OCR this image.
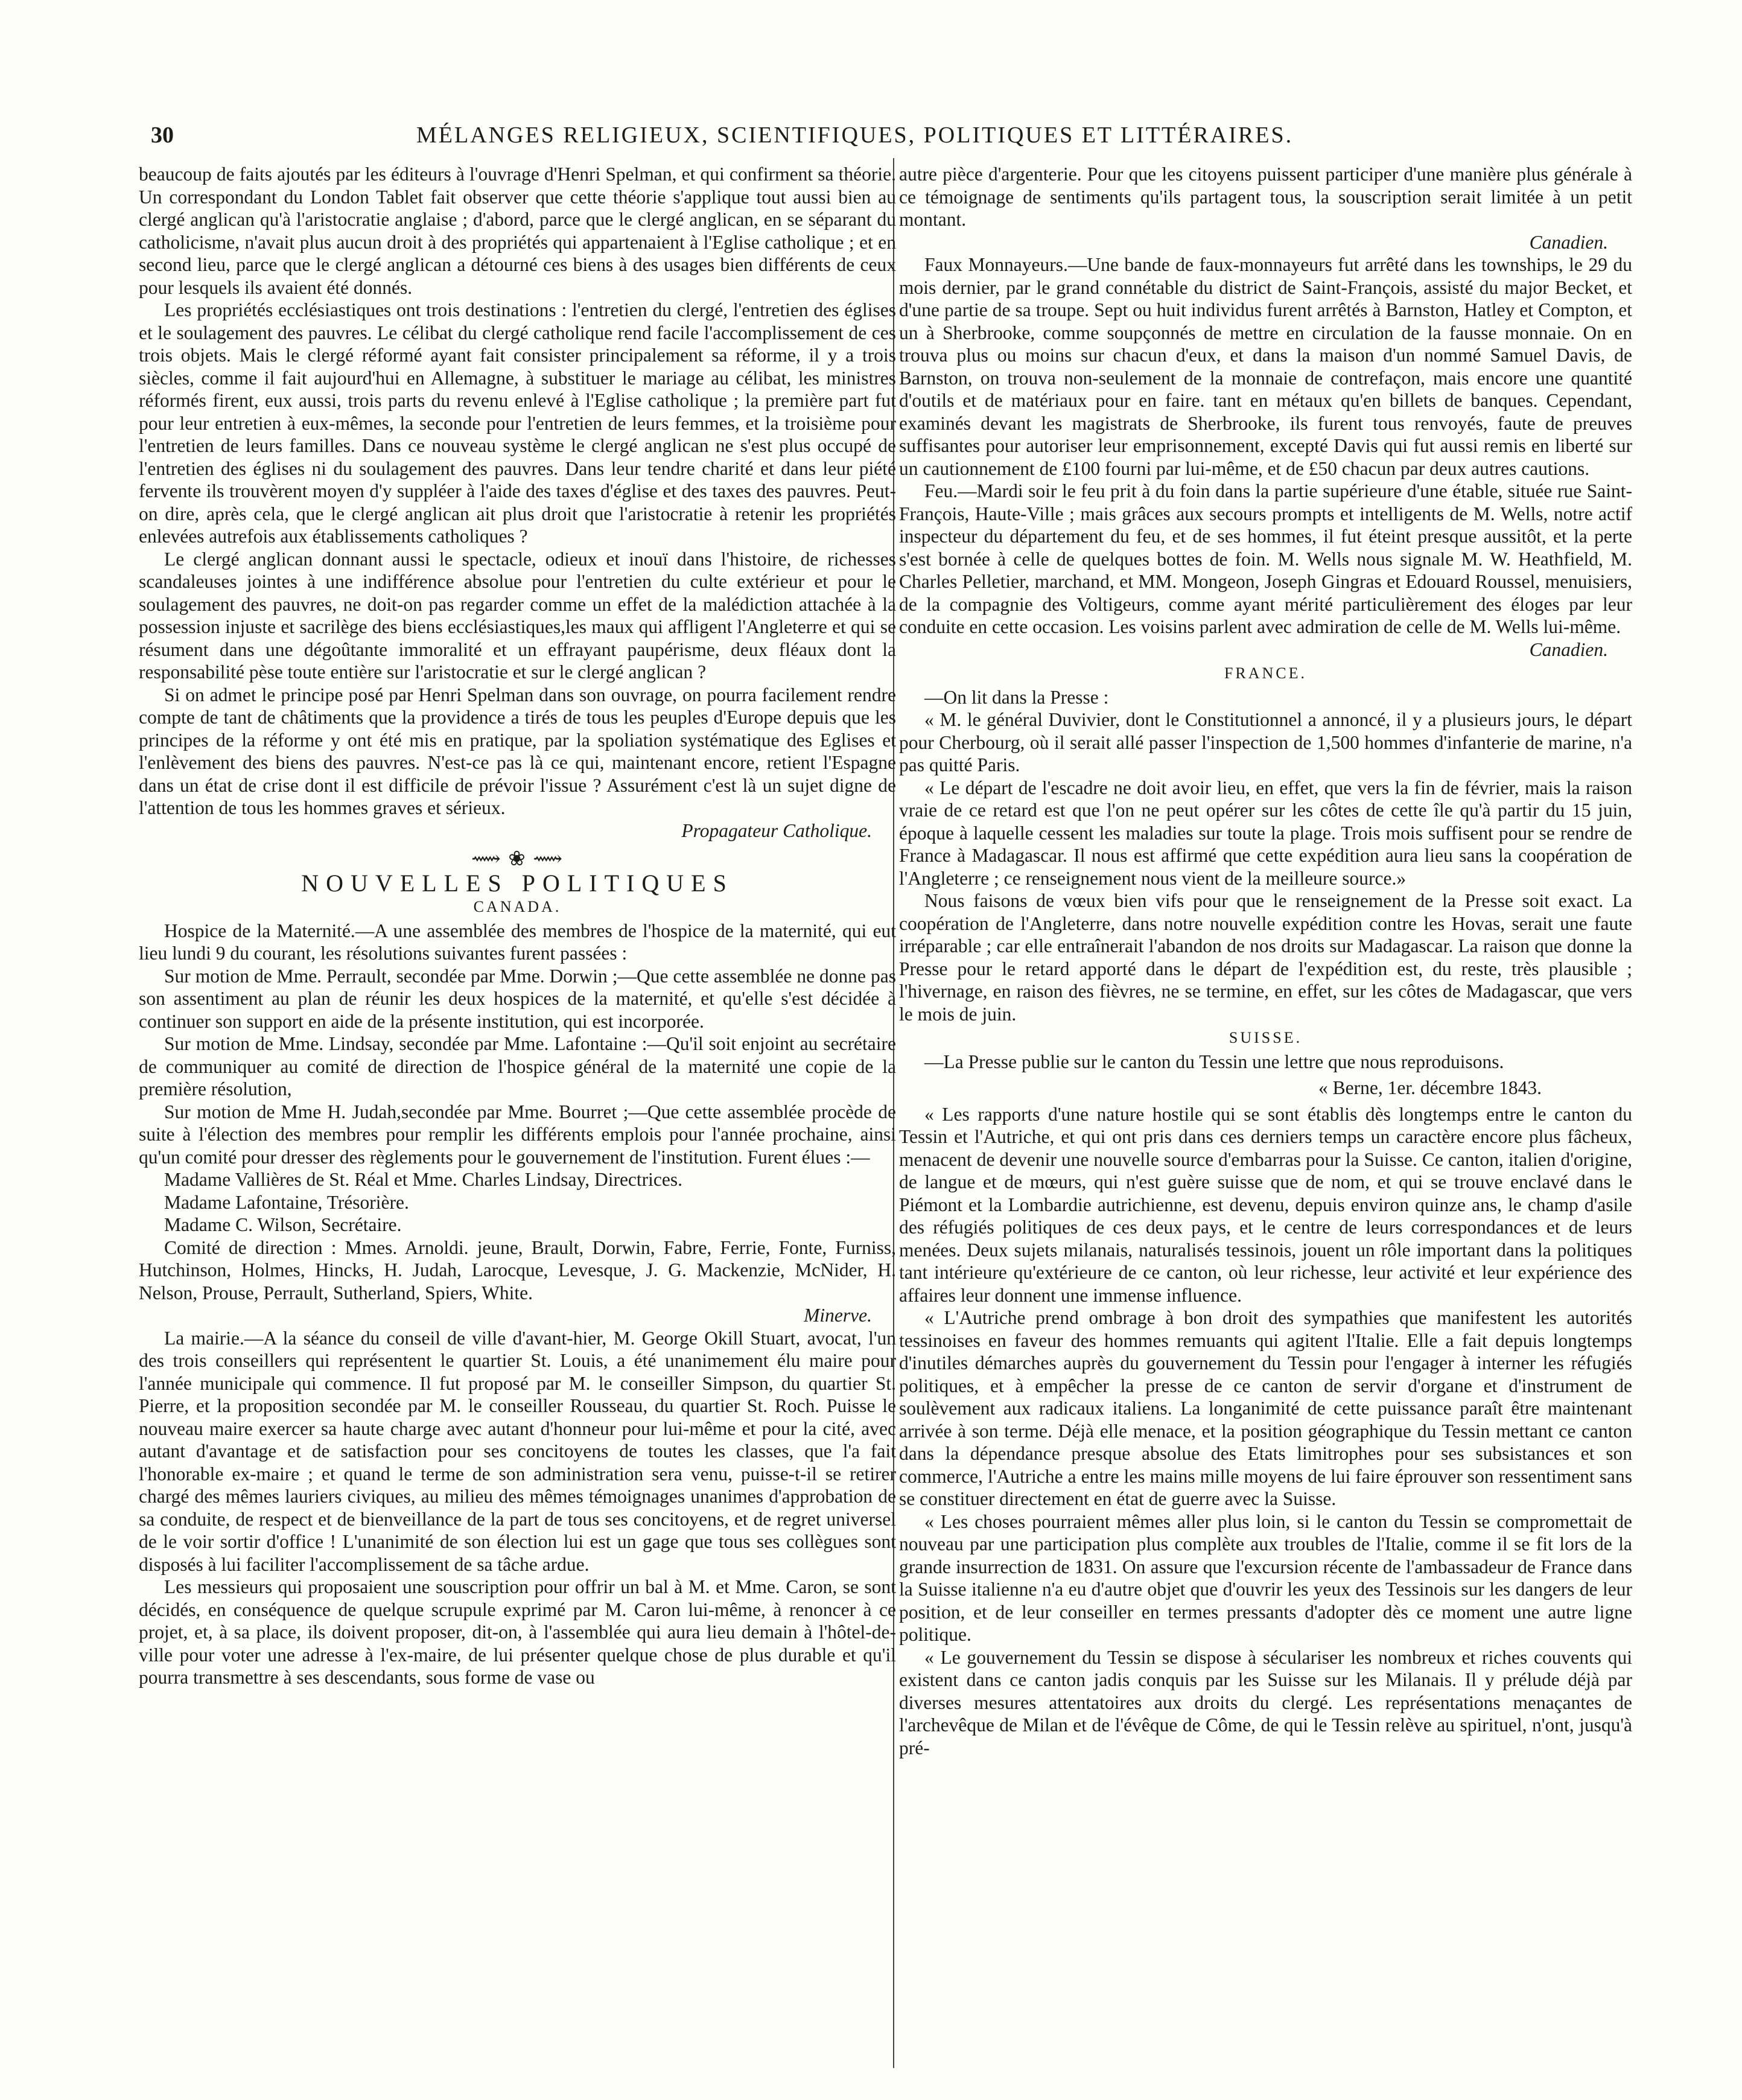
30	MÉLANGES RELIGIEUX, SCIENTIFIQUES, POLITIQUES ET LITTÉRAIRES.

beaucoup de faits ajoutés par les éditeurs à l'ouvrage d'Henri Spelman, et qui confirment sa théorie. Un correspondant du London Tablet fait observer que cette théorie s'applique tout aussi bien au clergé anglican qu'à l'aristocratie anglaise ; d'abord, parce que le clergé anglican, en se séparant du catholicisme, n'avait plus aucun droit à des propriétés qui appartenaient à l'Eglise catholique ; et en second lieu, parce que le clergé anglican a détourné ces biens à des usages bien différents de ceux pour lesquels ils avaient été donnés.

Les propriétés ecclésiastiques ont trois destinations : l'entretien du clergé, l'entretien des églises et le soulagement des pauvres. Le célibat du clergé catholique rend facile l'accomplissement de ces trois objets. Mais le clergé réformé ayant fait consister principalement sa réforme, il y a trois siècles, comme il fait aujourd'hui en Allemagne, à substituer le mariage au célibat, les ministres réformés firent, eux aussi, trois parts du revenu enlevé à l'Eglise catholique ; la première part fut pour leur entretien à eux-mêmes, la seconde pour l'entretien de leurs femmes, et la troisième pour l'entretien de leurs familles. Dans ce nouveau système le clergé anglican ne s'est plus occupé de l'entretien des églises ni du soulagement des pauvres. Dans leur tendre charité et dans leur piété fervente ils trouvèrent moyen d'y suppléer à l'aide des taxes d'église et des taxes des pauvres. Peut-on dire, après cela, que le clergé anglican ait plus droit que l'aristocratie à retenir les propriétés enlevées autrefois aux établissements catholiques ?

Le clergé anglican donnant aussi le spectacle, odieux et inouï dans l'histoire, de richesses scandaleuses jointes à une indifférence absolue pour l'entretien du culte extérieur et pour le soulagement des pauvres, ne doit-on pas regarder comme un effet de la malédiction attachée à la possession injuste et sacrilège des biens ecclésiastiques,les maux qui affligent l'Angleterre et qui se résument dans une dégoûtante immoralité et un effrayant paupérisme, deux fléaux dont la responsabilité pèse toute entière sur l'aristocratie et sur le clergé anglican ?

Si on admet le principe posé par Henri Spelman dans son ouvrage, on pourra facilement rendre compte de tant de châtiments que la providence a tirés de tous les peuples d'Europe depuis que les principes de la réforme y ont été mis en pratique, par la spoliation systématique des Eglises et l'enlèvement des biens des pauvres. N'est-ce pas là ce qui, maintenant encore, retient l'Espagne dans un état de crise dont il est difficile de prévoir l'issue ? Assurément c'est là un sujet digne de l'attention de tous les hommes graves et sérieux.

Propagateur Catholique.
⟿ ❀ ⟿
NOUVELLES POLITIQUES
CANADA.

Hospice de la Maternité.—A une assemblée des membres de l'hospice de la maternité, qui eut lieu lundi 9 du courant, les résolutions suivantes furent passées :

Sur motion de Mme. Perrault, secondée par Mme. Dorwin ;—Que cette assemblée ne donne pas son assentiment au plan de réunir les deux hospices de la maternité, et qu'elle s'est décidée à continuer son support en aide de la présente institution, qui est incorporée.

Sur motion de Mme. Lindsay, secondée par Mme. Lafontaine :—Qu'il soit enjoint au secrétaire de communiquer au comité de direction de l'hospice général de la maternité une copie de la première résolution,

Sur motion de Mme H. Judah,secondée par Mme. Bourret ;—Que cette assemblée procède de suite à l'élection des membres pour remplir les différents emplois pour l'année prochaine, ainsi qu'un comité pour dresser des règlements pour le gouvernement de l'institution. Furent élues :—

Madame Vallières de St. Réal et Mme. Charles Lindsay, Directrices.

Madame Lafontaine, Trésorière.

Madame C. Wilson, Secrétaire.

Comité de direction : Mmes. Arnoldi. jeune, Brault, Dorwin, Fabre, Ferrie, Fonte, Furniss, Hutchinson, Holmes, Hincks, H. Judah, Larocque, Levesque, J. G. Mackenzie, McNider, H. Nelson, Prouse, Perrault, Sutherland, Spiers, White.

Minerve.

La mairie.—A la séance du conseil de ville d'avant-hier, M. George Okill Stuart, avocat, l'un des trois conseillers qui représentent le quartier St. Louis, a été unanimement élu maire pour l'année municipale qui commence. Il fut proposé par M. le conseiller Simpson, du quartier St. Pierre, et la proposition secondée par M. le conseiller Rousseau, du quartier St. Roch. Puisse le nouveau maire exercer sa haute charge avec autant d'honneur pour lui-même et pour la cité, avec autant d'avantage et de satisfaction pour ses concitoyens de toutes les classes, que l'a fait l'honorable ex-maire ; et quand le terme de son administration sera venu, puisse-t-il se retirer chargé des mêmes lauriers civiques, au milieu des mêmes témoignages unanimes d'approbation de sa conduite, de respect et de bienveillance de la part de tous ses concitoyens, et de regret universel de le voir sortir d'office ! L'unanimité de son élection lui est un gage que tous ses collègues sont disposés à lui faciliter l'accomplissement de sa tâche ardue.

Les messieurs qui proposaient une souscription pour offrir un bal à M. et Mme. Caron, se sont décidés, en conséquence de quelque scrupule exprimé par M. Caron lui-même, à renoncer à ce projet, et, à sa place, ils doivent proposer, dit-on, à l'assemblée qui aura lieu demain à l'hôtel-de-ville pour voter une adresse à l'ex-maire, de lui présenter quelque chose de plus durable et qu'il pourra transmettre à ses descendants, sous forme de vase ou

autre pièce d'argenterie. Pour que les citoyens puissent participer d'une manière plus générale à ce témoignage de sentiments qu'ils partagent tous, la souscription serait limitée à un petit montant.

Canadien.

Faux Monnayeurs.—Une bande de faux-monnayeurs fut arrêté dans les townships, le 29 du mois dernier, par le grand connétable du district de Saint-François, assisté du major Becket, et d'une partie de sa troupe. Sept ou huit individus furent arrêtés à Barnston, Hatley et Compton, et un à Sherbrooke, comme soupçonnés de mettre en circulation de la fausse monnaie. On en trouva plus ou moins sur chacun d'eux, et dans la maison d'un nommé Samuel Davis, de Barnston, on trouva non-seulement de la monnaie de contrefaçon, mais encore une quantité d'outils et de matériaux pour en faire. tant en métaux qu'en billets de banques. Cependant, examinés devant les magistrats de Sherbrooke, ils furent tous renvoyés, faute de preuves suffisantes pour autoriser leur emprisonnement, excepté Davis qui fut aussi remis en liberté sur un cautionnement de £100 fourni par lui-même, et de £50 chacun par deux autres cautions.

Feu.—Mardi soir le feu prit à du foin dans la partie supérieure d'une étable, située rue Saint-François, Haute-Ville ; mais grâces aux secours prompts et intelligents de M. Wells, notre actif inspecteur du département du feu, et de ses hommes, il fut éteint presque aussitôt, et la perte s'est bornée à celle de quelques bottes de foin. M. Wells nous signale M. W. Heathfield, M. Charles Pelletier, marchand, et MM. Mongeon, Joseph Gingras et Edouard Roussel, menuisiers, de la compagnie des Voltigeurs, comme ayant mérité particulièrement des éloges par leur conduite en cette occasion. Les voisins parlent avec admiration de celle de M. Wells lui-même.

Canadien.
FRANCE.

—On lit dans la Presse :

« M. le général Duvivier, dont le Constitutionnel a annoncé, il y a plusieurs jours, le départ pour Cherbourg, où il serait allé passer l'inspection de 1,500 hommes d'infanterie de marine, n'a pas quitté Paris.

« Le départ de l'escadre ne doit avoir lieu, en effet, que vers la fin de février, mais la raison vraie de ce retard est que l'on ne peut opérer sur les côtes de cette île qu'à partir du 15 juin, époque à laquelle cessent les maladies sur toute la plage. Trois mois suffisent pour se rendre de France à Madagascar. Il nous est affirmé que cette expédition aura lieu sans la coopération de l'Angleterre ; ce renseignement nous vient de la meilleure source.»

Nous faisons de vœux bien vifs pour que le renseignement de la Presse soit exact. La coopération de l'Angleterre, dans notre nouvelle expédition contre les Hovas, serait une faute irréparable ; car elle entraînerait l'abandon de nos droits sur Madagascar. La raison que donne la Presse pour le retard apporté dans le départ de l'expédition est, du reste, très plausible ; l'hivernage, en raison des fièvres, ne se termine, en effet, sur les côtes de Madagascar, que vers le mois de juin.

SUISSE.

—La Presse publie sur le canton du Tessin une lettre que nous reproduisons.

« Berne, 1er. décembre 1843.

« Les rapports d'une nature hostile qui se sont établis dès longtemps entre le canton du Tessin et l'Autriche, et qui ont pris dans ces derniers temps un caractère encore plus fâcheux, menacent de devenir une nouvelle source d'embarras pour la Suisse. Ce canton, italien d'origine, de langue et de mœurs, qui n'est guère suisse que de nom, et qui se trouve enclavé dans le Piémont et la Lombardie autrichienne, est devenu, depuis environ quinze ans, le champ d'asile des réfugiés politiques de ces deux pays, et le centre de leurs correspondances et de leurs menées. Deux sujets milanais, naturalisés tessinois, jouent un rôle important dans la politiques tant intérieure qu'extérieure de ce canton, où leur richesse, leur activité et leur expérience des affaires leur donnent une immense influence.

« L'Autriche prend ombrage à bon droit des sympathies que manifestent les autorités tessinoises en faveur des hommes remuants qui agitent l'Italie. Elle a fait depuis longtemps d'inutiles démarches auprès du gouvernement du Tessin pour l'engager à interner les réfugiés politiques, et à empêcher la presse de ce canton de servir d'organe et d'instrument de soulèvement aux radicaux italiens. La longanimité de cette puissance paraît être maintenant arrivée à son terme. Déjà elle menace, et la position géographique du Tessin mettant ce canton dans la dépendance presque absolue des Etats limitrophes pour ses subsistances et son commerce, l'Autriche a entre les mains mille moyens de lui faire éprouver son ressentiment sans se constituer directement en état de guerre avec la Suisse.

« Les choses pourraient mêmes aller plus loin, si le canton du Tessin se compromettait de nouveau par une participation plus complète aux troubles de l'Italie, comme il se fit lors de la grande insurrection de 1831. On assure que l'excursion récente de l'ambassadeur de France dans la Suisse italienne n'a eu d'autre objet que d'ouvrir les yeux des Tessinois sur les dangers de leur position, et de leur conseiller en termes pressants d'adopter dès ce moment une autre ligne politique.

« Le gouvernement du Tessin se dispose à séculariser les nombreux et riches couvents qui existent dans ce canton jadis conquis par les Suisse sur les Milanais. Il y prélude déjà par diverses mesures attentatoires aux droits du clergé. Les représentations menaçantes de l'archevêque de Milan et de l'évêque de Côme, de qui le Tessin relève au spirituel, n'ont, jusqu'à pré-
